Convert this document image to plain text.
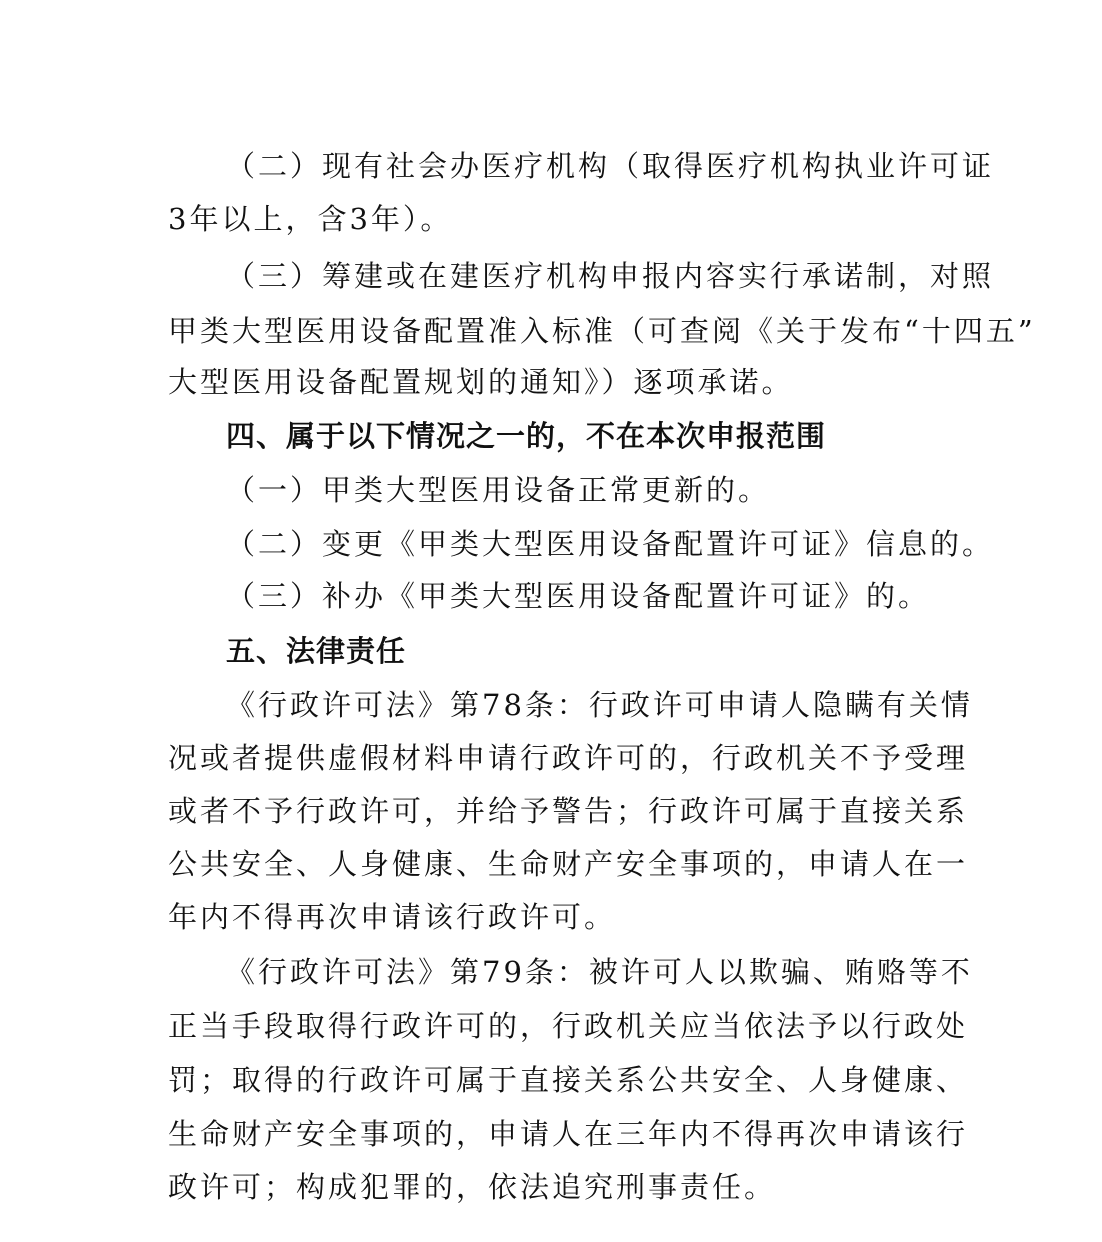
（二）现有社会办医疗机构（取得医疗机构执业许可证
3年以上，含3年）。
（三）筹建或在建医疗机构申报内容实行承诺制，对照
甲类大型医用设备配置准入标准（可查阅《关于发布“十四五”
大型医用设备配置规划的通知》）逐项承诺。
四、属于以下情况之一的，不在本次申报范围
（一）甲类大型医用设备正常更新的。
（二）变更《甲类大型医用设备配置许可证》信息的。
（三）补办《甲类大型医用设备配置许可证》的。
五、法律责任
《行政许可法》第78条：行政许可申请人隐瞒有关情
况或者提供虚假材料申请行政许可的，行政机关不予受理
或者不予行政许可，并给予警告；行政许可属于直接关系
公共安全、人身健康、生命财产安全事项的，申请人在一
年内不得再次申请该行政许可。
《行政许可法》第79条：被许可人以欺骗、贿赂等不
正当手段取得行政许可的，行政机关应当依法予以行政处
罚；取得的行政许可属于直接关系公共安全、人身健康、
生命财产安全事项的，申请人在三年内不得再次申请该行
政许可；构成犯罪的，依法追究刑事责任。
